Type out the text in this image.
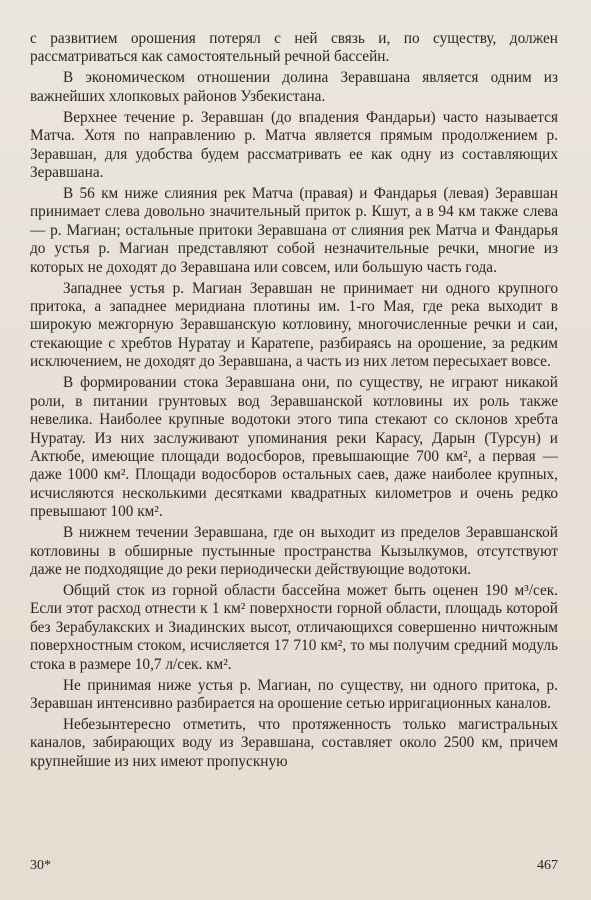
с развитием орошения потерял с ней связь и, по существу, должен рассматриваться как самостоятельный речной бассейн.

В экономическом отношении долина Зеравшана является одним из важнейших хлопковых районов Узбекистана.

Верхнее течение р. Зеравшан (до впадения Фандарьи) часто называется Матча. Хотя по направлению р. Матча является прямым продолжением р. Зеравшан, для удобства будем рассматривать ее как одну из составляющих Зеравшана.

В 56 км ниже слияния рек Матча (правая) и Фандарья (левая) Зеравшан принимает слева довольно значительный приток р. Кшут, а в 94 км также слева — р. Магиан; остальные притоки Зеравшана от слияния рек Матча и Фандарья до устья р. Магиан представляют собой незначительные речки, многие из которых не доходят до Зеравшана или совсем, или большую часть года.

Западнее устья р. Магиан Зеравшан не принимает ни одного крупного притока, а западнее меридиана плотины им. 1-го Мая, где река выходит в широкую межгорную Зеравшанскую котловину, многочисленные речки и саи, стекающие с хребтов Нуратау и Каратепе, разбираясь на орошение, за редким исключением, не доходят до Зеравшана, а часть из них летом пересыхает вовсе.

В формировании стока Зеравшана они, по существу, не играют никакой роли, в питании грунтовых вод Зеравшанской котловины их роль также невелика. Наиболее крупные водотоки этого типа стекают со склонов хребта Нуратау. Из них заслуживают упоминания реки Карасу, Дарын (Турсун) и Актюбе, имеющие площади водосборов, превышающие 700 км², а первая — даже 1000 км². Площади водосборов остальных саев, даже наиболее крупных, исчисляются несколькими десятками квадратных километров и очень редко превышают 100 км².

В нижнем течении Зеравшана, где он выходит из пределов Зеравшанской котловины в обширные пустынные пространства Кызылкумов, отсутствуют даже не подходящие до реки периодически действующие водотоки.

Общий сток из горной области бассейна может быть оценен 190 м³/сек. Если этот расход отнести к 1 км² поверхности горной области, площадь которой без Зерабулакских и Зиадинских высот, отличающихся совершенно ничтожным поверхностным стоком, исчисляется 17 710 км², то мы получим средний модуль стока в размере 10,7 л/сек. км².

Не принимая ниже устья р. Магиан, по существу, ни одного притока, р. Зеравшан интенсивно разбирается на орошение сетью ирригационных каналов.

Небезынтересно отметить, что протяженность только магистральных каналов, забирающих воду из Зеравшана, составляет около 2500 км, причем крупнейшие из них имеют пропускную

30*	467
